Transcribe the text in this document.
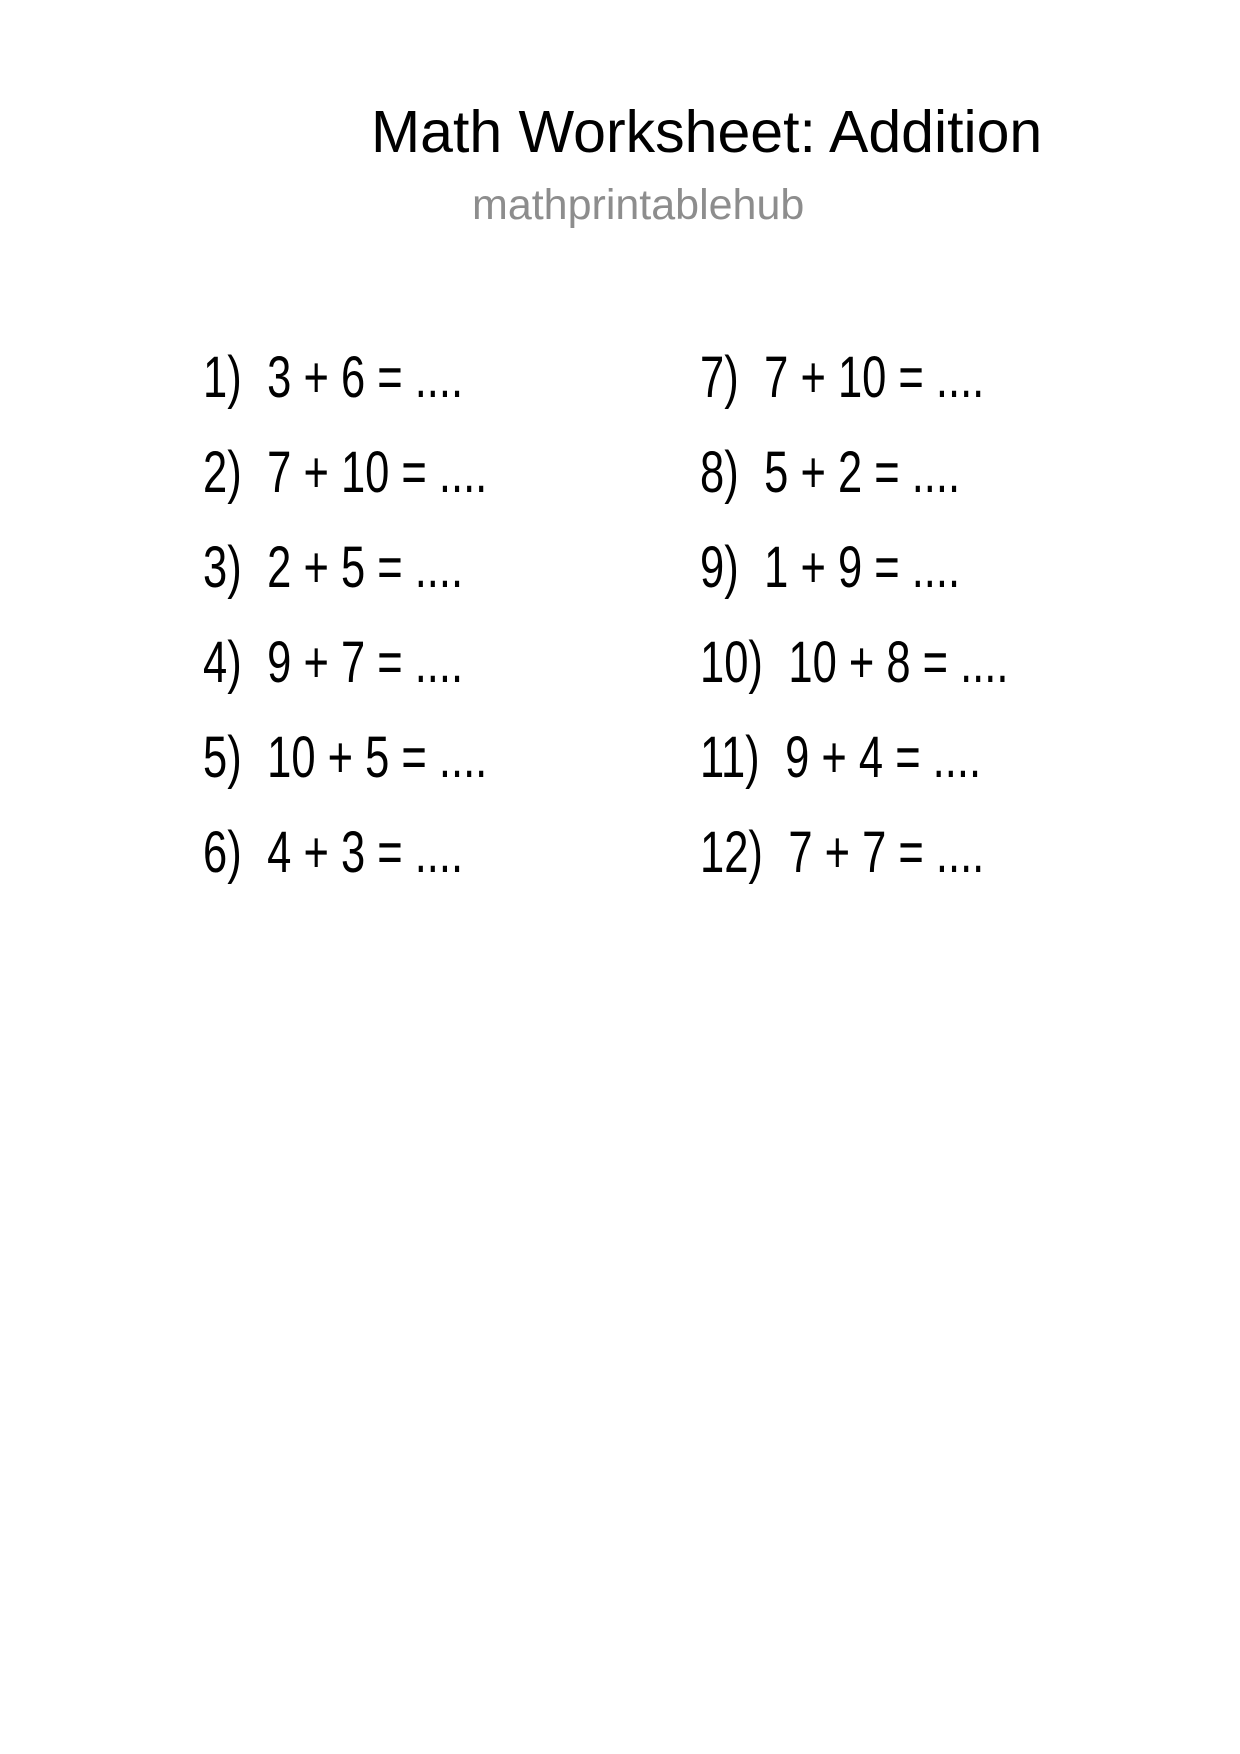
Math Worksheet: Addition
mathprintablehub
1) 3 + 6 = ....
2) 7 + 10 = ....
3) 2 + 5 = ....
4) 9 + 7 = ....
5) 10 + 5 = ....
6) 4 + 3 = ....
7) 7 + 10 = ....
8) 5 + 2 = ....
9) 1 + 9 = ....
10) 10 + 8 = ....
11) 9 + 4 = ....
12) 7 + 7 = ....
